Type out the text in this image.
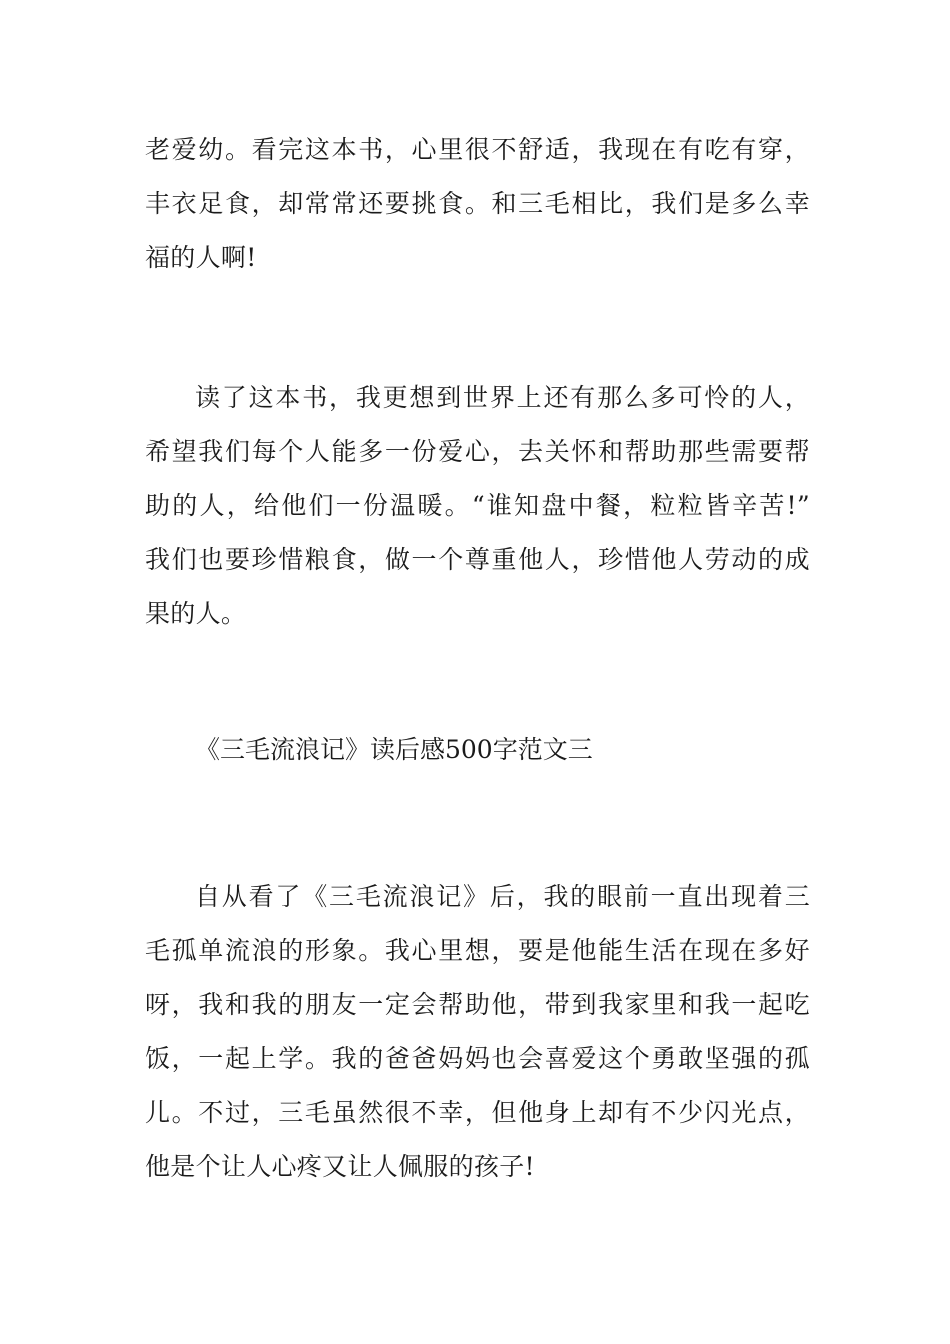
老爱幼。看完这本书，心里很不舒适，我现在有吃有穿，
丰衣足食，却常常还要挑食。和三毛相比，我们是多么幸
福的人啊!
读了这本书，我更想到世界上还有那么多可怜的人，
希望我们每个人能多一份爱心，去关怀和帮助那些需要帮
助的人，给他们一份温暖。“谁知盘中餐，粒粒皆辛苦!”
我们也要珍惜粮食，做一个尊重他人，珍惜他人劳动的成
果的人。
《三毛流浪记》读后感500字范文三
自从看了《三毛流浪记》后，我的眼前一直出现着三
毛孤单流浪的形象。我心里想，要是他能生活在现在多好
呀，我和我的朋友一定会帮助他，带到我家里和我一起吃
饭，一起上学。我的爸爸妈妈也会喜爱这个勇敢坚强的孤
儿。不过，三毛虽然很不幸，但他身上却有不少闪光点，
他是个让人心疼又让人佩服的孩子!
